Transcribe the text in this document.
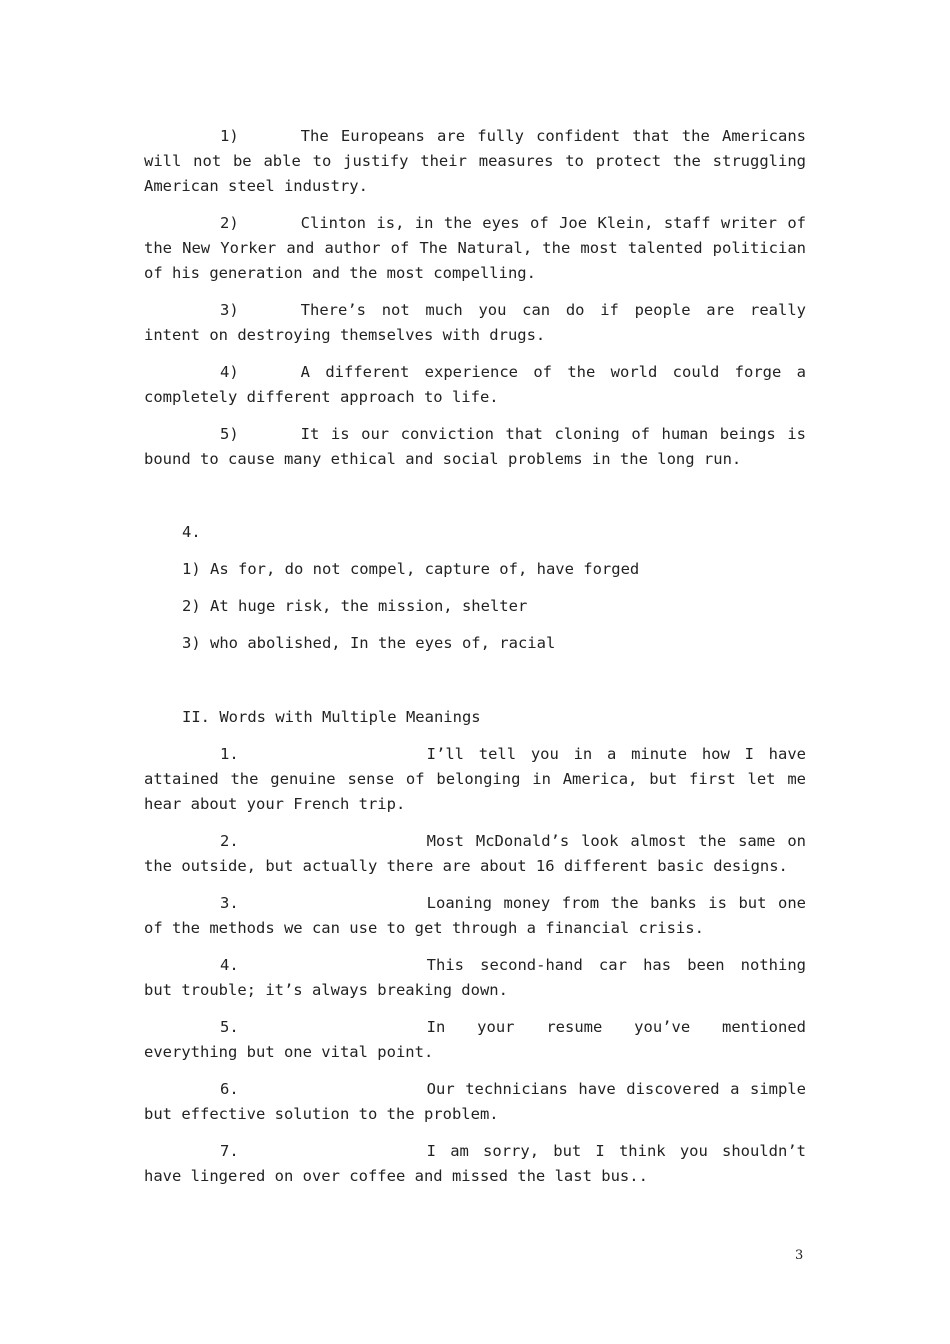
1)	The Europeans are fully confident that the Americans will not be able to justify their measures to protect the struggling American steel industry.

2)	Clinton is, in the eyes of Joe Klein, staff writer of the New Yorker and author of The Natural, the most talented politician of his generation and the most compelling.

3)	There’s not much you can do if people are really intent on destroying themselves with drugs.

4)	A different experience of the world could forge a completely different approach to life.

5)	It is our conviction that cloning of human beings is bound to cause many ethical and social problems in the long run.

4.

1) As for, do not compel, capture of, have forged

2) At huge risk, the mission, shelter

3) who abolished, In the eyes of, racial

II. Words with Multiple Meanings

1.	I’ll tell you in a minute how I have attained the genuine sense of belonging in America, but first let me hear about your French trip.

2.	Most McDonald’s look almost the same on the outside, but actually there are about 16 different basic designs.

3.	Loaning money from the banks is but one of the methods we can use to get through a financial crisis.

4.	This second-hand car has been nothing but trouble; it’s always breaking down.

5.	In your resume you’ve mentioned everything but one vital point.

6.	Our technicians have discovered a simple but effective solution to the problem.

7.	I am sorry, but I think you shouldn’t have lingered on over coffee and missed the last bus..

3
